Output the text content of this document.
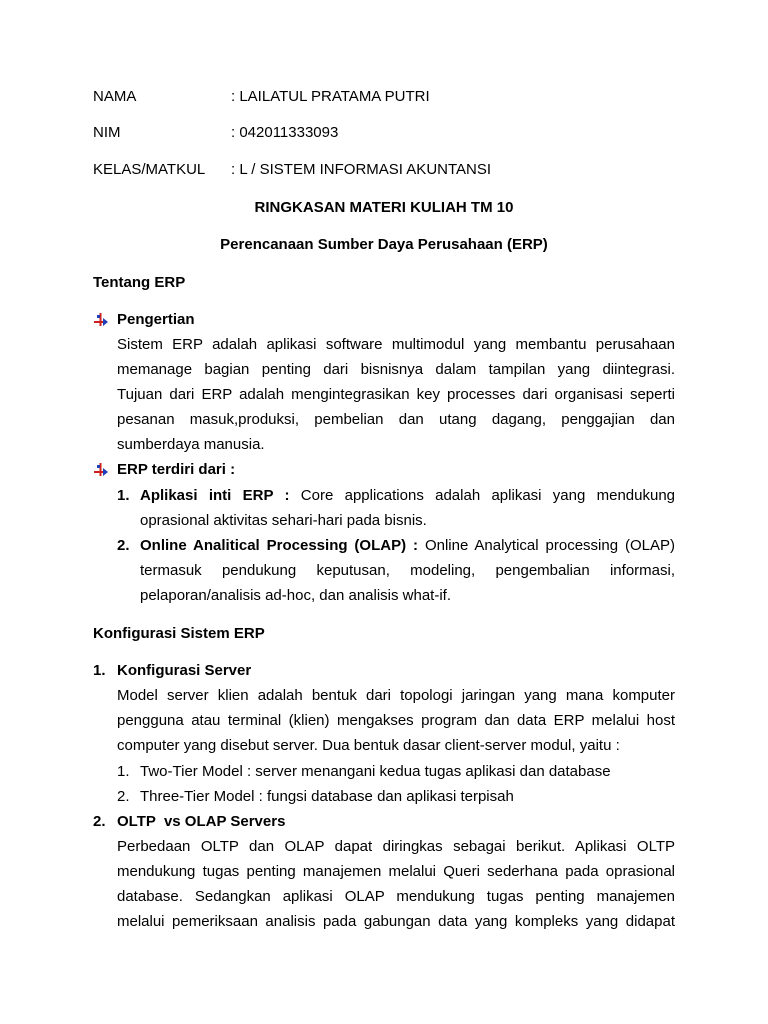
NAMA	: LAILATUL PRATAMA PUTRI
NIM	: 042011333093
KELAS/MATKUL : L / SISTEM INFORMASI AKUNTANSI
RINGKASAN MATERI KULIAH TM 10
Perencanaan Sumber Daya Perusahaan (ERP)
Tentang ERP
Pengertian
Sistem ERP adalah aplikasi software multimodul yang membantu perusahaan
memanage bagian penting dari bisnisnya dalam tampilan yang diintegrasi.
Tujuan dari ERP adalah mengintegrasikan key processes dari organisasi seperti
pesanan masuk,produksi, pembelian dan utang dagang, penggajian dan
sumberdaya manusia.
ERP terdiri dari :
1. Aplikasi inti ERP : Core applications adalah aplikasi yang mendukung
oprasional aktivitas sehari-hari pada bisnis.
2. Online Analitical Processing (OLAP) : Online Analytical processing (OLAP)
termasuk pendukung keputusan, modeling, pengembalian informasi,
pelaporan/analisis ad-hoc, dan analisis what-if.
Konfigurasi Sistem ERP
1. Konfigurasi Server
Model server klien adalah bentuk dari topologi jaringan yang mana komputer
pengguna atau terminal (klien) mengakses program dan data ERP melalui host
computer yang disebut server. Dua bentuk dasar client-server modul, yaitu :
1. Two-Tier Model : server menangani kedua tugas aplikasi dan database
2. Three-Tier Model : fungsi database dan aplikasi terpisah
2. OLTP  vs OLAP Servers
Perbedaan OLTP dan OLAP dapat diringkas sebagai berikut. Aplikasi OLTP
mendukung tugas penting manajemen melalui Queri sederhana pada oprasional
database. Sedangkan aplikasi OLAP mendukung tugas penting manajemen
melalui pemeriksaan analisis pada gabungan data yang kompleks yang didapat
